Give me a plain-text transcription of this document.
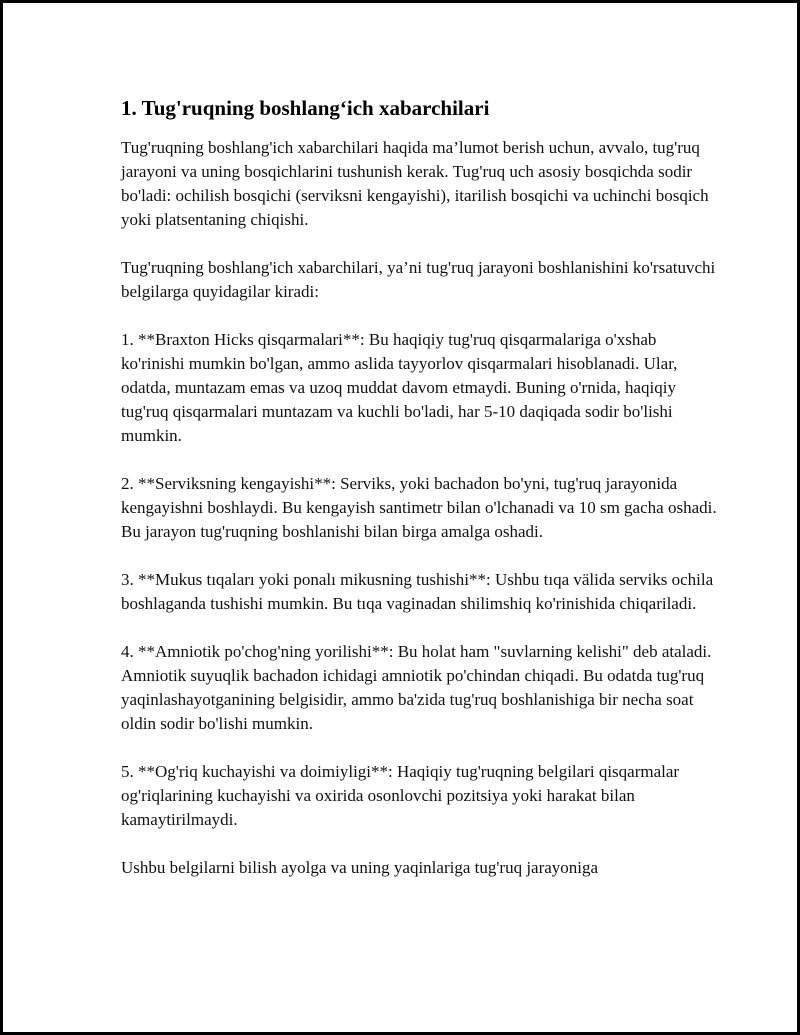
1. Tug'ruqning boshlang‘ich xabarchilari

Tug'ruqning boshlang'ich xabarchilari haqida ma’lumot berish uchun, avvalo, tug'ruq jarayoni va uning bosqichlarini tushunish kerak. Tug'ruq uch asosiy bosqichda sodir bo'ladi: ochilish bosqichi (serviksni kengayishi), itarilish bosqichi va uchinchi bosqich yoki platsentaning chiqishi.

Tug'ruqning boshlang'ich xabarchilari, ya’ni tug'ruq jarayoni boshlanishini ko'rsatuvchi belgilarga quyidagilar kiradi:

1. **Braxton Hicks qisqarmalari**: Bu haqiqiy tug'ruq qisqarmalariga o'xshab ko'rinishi mumkin bo'lgan, ammo aslida tayyorlov qisqarmalari hisoblanadi. Ular, odatda, muntazam emas va uzoq muddat davom etmaydi. Buning o'rnida, haqiqiy tug'ruq qisqarmalari muntazam va kuchli bo'ladi, har 5-10 daqiqada sodir bo'lishi mumkin.

2. **Serviksning kengayishi**: Serviks, yoki bachadon bo'yni, tug'ruq jarayonida kengayishni boshlaydi. Bu kengayish santimetr bilan o'lchanadi va 10 sm gacha oshadi. Bu jarayon tug'ruqning boshlanishi bilan birga amalga oshadi.

3. **Mukus tıqaları yoki ponalı mikusning tushishi**: Ushbu tıqa välida serviks ochila boshlaganda tushishi mumkin. Bu tıqa vaginadan shilimshiq ko'rinishida chiqariladi.

4. **Amniotik po'chog'ning yorilishi**: Bu holat ham "suvlarning kelishi" deb ataladi. Amniotik suyuqlik bachadon ichidagi amniotik po'chindan chiqadi. Bu odatda tug'ruq yaqinlashayotganining belgisidir, ammo ba'zida tug'ruq boshlanishiga bir necha soat oldin sodir bo'lishi mumkin.

5. **Og'riq kuchayishi va doimiyligi**: Haqiqiy tug'ruqning belgilari qisqarmalar og'riqlarining kuchayishi va oxirida osonlovchi pozitsiya yoki harakat bilan kamaytirilmaydi.

Ushbu belgilarni bilish ayolga va uning yaqinlariga tug'ruq jarayoniga
